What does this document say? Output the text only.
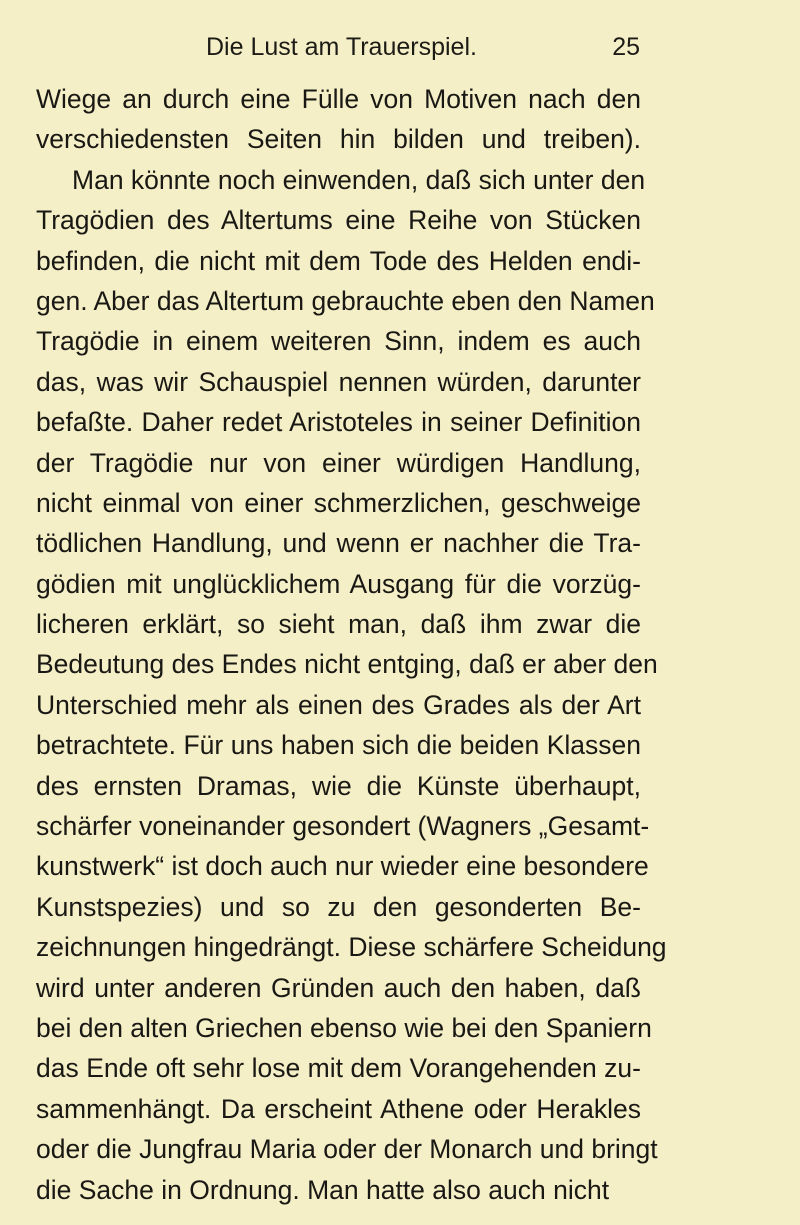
Die Lust am Trauerspiel.	25
Wiege an durch eine Fülle von Motiven nach den
verschiedensten Seiten hin bilden und treiben).
Man könnte noch einwenden, daß sich unter den
Tragödien des Altertums eine Reihe von Stücken
befinden, die nicht mit dem Tode des Helden endi-
gen. Aber das Altertum gebrauchte eben den Namen
Tragödie in einem weiteren Sinn, indem es auch
das, was wir Schauspiel nennen würden, darunter
befaßte. Daher redet Aristoteles in seiner Definition
der Tragödie nur von einer würdigen Handlung,
nicht einmal von einer schmerzlichen, geschweige
tödlichen Handlung, und wenn er nachher die Tra-
gödien mit unglücklichem Ausgang für die vorzüg-
licheren erklärt, so sieht man, daß ihm zwar die
Bedeutung des Endes nicht entging, daß er aber den
Unterschied mehr als einen des Grades als der Art
betrachtete. Für uns haben sich die beiden Klassen
des ernsten Dramas, wie die Künste überhaupt,
schärfer voneinander gesondert (Wagners „Gesamt-
kunstwerk“ ist doch auch nur wieder eine besondere
Kunstspezies) und so zu den gesonderten Be-
zeichnungen hingedrängt. Diese schärfere Scheidung
wird unter anderen Gründen auch den haben, daß
bei den alten Griechen ebenso wie bei den Spaniern
das Ende oft sehr lose mit dem Vorangehenden zu-
sammenhängt. Da erscheint Athene oder Herakles
oder die Jungfrau Maria oder der Monarch und bringt
die Sache in Ordnung. Man hatte also auch nicht
